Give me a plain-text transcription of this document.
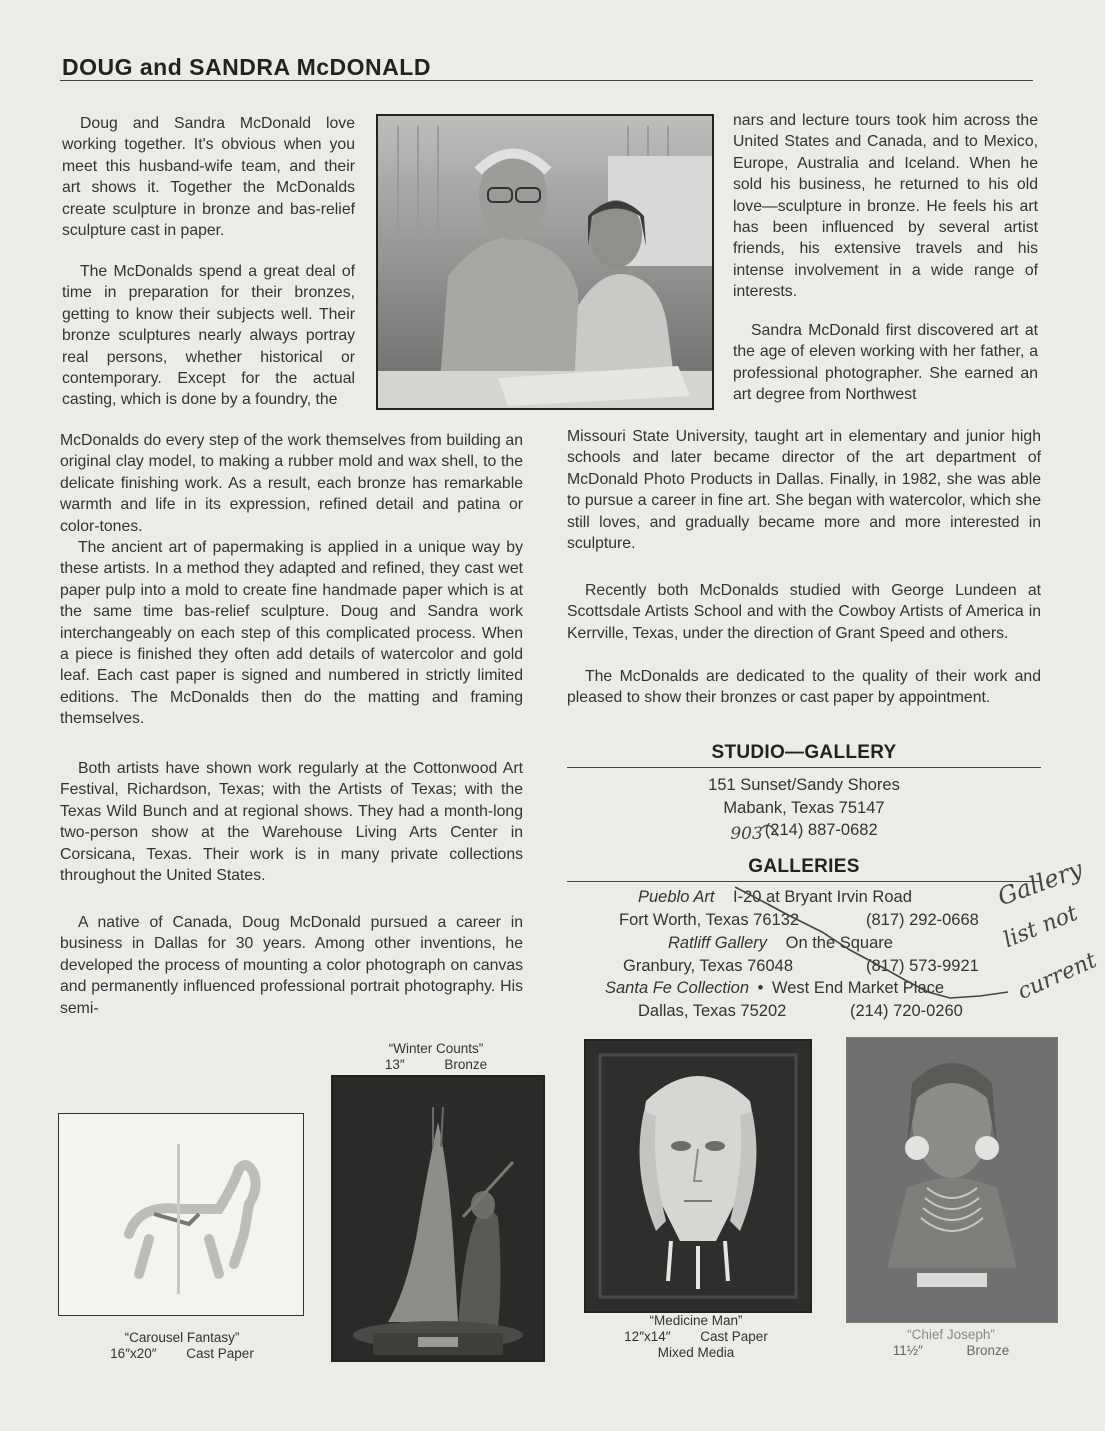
DOUG and SANDRA McDONALD

Doug and Sandra McDonald love working together. It's obvious when you meet this husband-wife team, and their art shows it. Together the McDonalds create sculpture in bronze and bas-relief sculpture cast in paper.

The McDonalds spend a great deal of time in preparation for their bronzes, getting to know their subjects well. Their bronze sculptures nearly always portray real persons, whether historical or contemporary. Except for the actual casting, which is done by a foundry, the

McDonalds do every step of the work themselves from building an original clay model, to making a rubber mold and wax shell, to the delicate finishing work. As a result, each bronze has remarkable warmth and life in its expression, refined detail and patina or color-tones.

The ancient art of papermaking is applied in a unique way by these artists. In a method they adapted and refined, they cast wet paper pulp into a mold to create fine handmade paper which is at the same time bas-relief sculpture. Doug and Sandra work interchangeably on each step of this complicated process. When a piece is finished they often add details of watercolor and gold leaf. Each cast paper is signed and numbered in strictly limited editions. The McDonalds then do the matting and framing themselves.

Both artists have shown work regularly at the Cottonwood Art Festival, Richardson, Texas; with the Artists of Texas; with the Texas Wild Bunch and at regional shows. They had a month-long two-person show at the Warehouse Living Arts Center in Corsicana, Texas. Their work is in many private collections throughout the United States.

A native of Canada, Doug McDonald pursued a career in business in Dallas for 30 years. Among other inventions, he developed the process of mounting a color photograph on canvas and permanently influenced professional portrait photography. His semi-

nars and lecture tours took him across the United States and Canada, and to Mexico, Europe, Australia and Iceland. When he sold his business, he returned to his old love—sculpture in bronze. He feels his art has been influenced by several artist friends, his extensive travels and his intense involvement in a wide range of interests.

Sandra McDonald first discovered art at the age of eleven working with her father, a professional photographer. She earned an art degree from Northwest

Missouri State University, taught art in elementary and junior high schools and later became director of the art department of McDonald Photo Products in Dallas. Finally, in 1982, she was able to pursue a career in fine art. She began with watercolor, which she still loves, and gradually became more and more interested in sculpture.

Recently both McDonalds studied with George Lundeen at Scottsdale Artists School and with the Cowboy Artists of America in Kerrville, Texas, under the direction of Grant Speed and others.

The McDonalds are dedicated to the quality of their work and pleased to show their bronzes or cast paper by appointment.

STUDIO—GALLERY
151 Sunset/Sandy Shores
Mabank, Texas 75147
903 (214) 887-0682
GALLERIES
Pueblo Art I-20 at Bryant Irvin Road
Fort Worth, Texas 76132	(817) 292-0668
Ratliff Gallery On the Square
Granbury, Texas 76048	(817) 573-9921
Santa Fe Collection • West End Market Place
Dallas, Texas 75202	(214) 720-0260
Gallery
list not
current
“Carousel Fantasy”
16″x20″ Cast Paper
“Winter Counts”
13″	Bronze
“Medicine Man”
12″x14″ Cast Paper
Mixed Media
“Chief Joseph”
11½″	Bronze
